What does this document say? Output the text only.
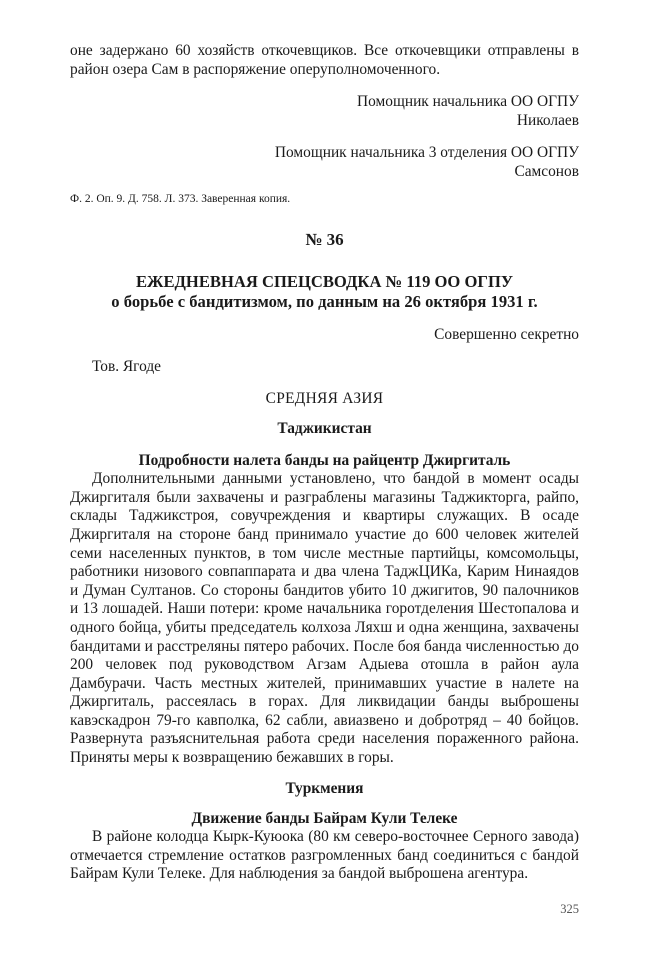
оне задержано 60 хозяйств откочевщиков. Все откочевщики отправлены в район озера Сам в распоряжение оперуполномоченного.

Помощник начальника ОО ОГПУ

Николаев

Помощник начальника 3 отделения ОО ОГПУ

Самсонов

Ф. 2. Оп. 9. Д. 758. Л. 373. Заверенная копия.

№ 36

ЕЖЕДНЕВНАЯ СПЕЦСВОДКА № 119 ОО ОГПУ
о борьбе с бандитизмом, по данным на 26 октября 1931 г.

Совершенно секретно

Тов. Ягоде

СРЕДНЯЯ АЗИЯ

Таджикистан

Подробности налета банды на райцентр Джиргиталь

Дополнительными данными установлено, что бандой в момент осады Джиргиталя были захвачены и разграблены магазины Таджикторга, райпо, склады Таджикстроя, совучреждения и квартиры служащих. В осаде Джиргиталя на стороне банд принимало участие до 600 человек жителей семи населенных пунктов, в том числе местные партийцы, комсомольцы, работники низового совпаппарата и два члена ТаджЦИКа, Карим Нинаядов и Думан Султанов. Со стороны бандитов убито 10 джигитов, 90 палочников и 13 лошадей. Наши потери: кроме начальника горотделения Шестопалова и одного бойца, убиты председатель колхоза Ляхш и одна женщина, захвачены бандитами и расстреляны пятеро рабочих. После боя банда численностью до 200 человек под руководством Агзам Адыева отошла в район аула Дамбурачи. Часть местных жителей, принимавших участие в налете на Джиргиталь, рассеялась в горах. Для ликвидации банды выброшены кавэскадрон 79-го кавполка, 62 сабли, авиазвено и добротряд – 40 бойцов. Развернута разъяснительная работа среди населения пораженного района. Приняты меры к возвращению бежавших в горы.

Туркмения

Движение банды Байрам Кули Телеке

В районе колодца Кырк-Куюока (80 км северо-восточнее Серного завода) отмечается стремление остатков разгромленных банд соединиться с бандой Байрам Кули Телеке. Для наблюдения за бандой выброшена агентура.

325
